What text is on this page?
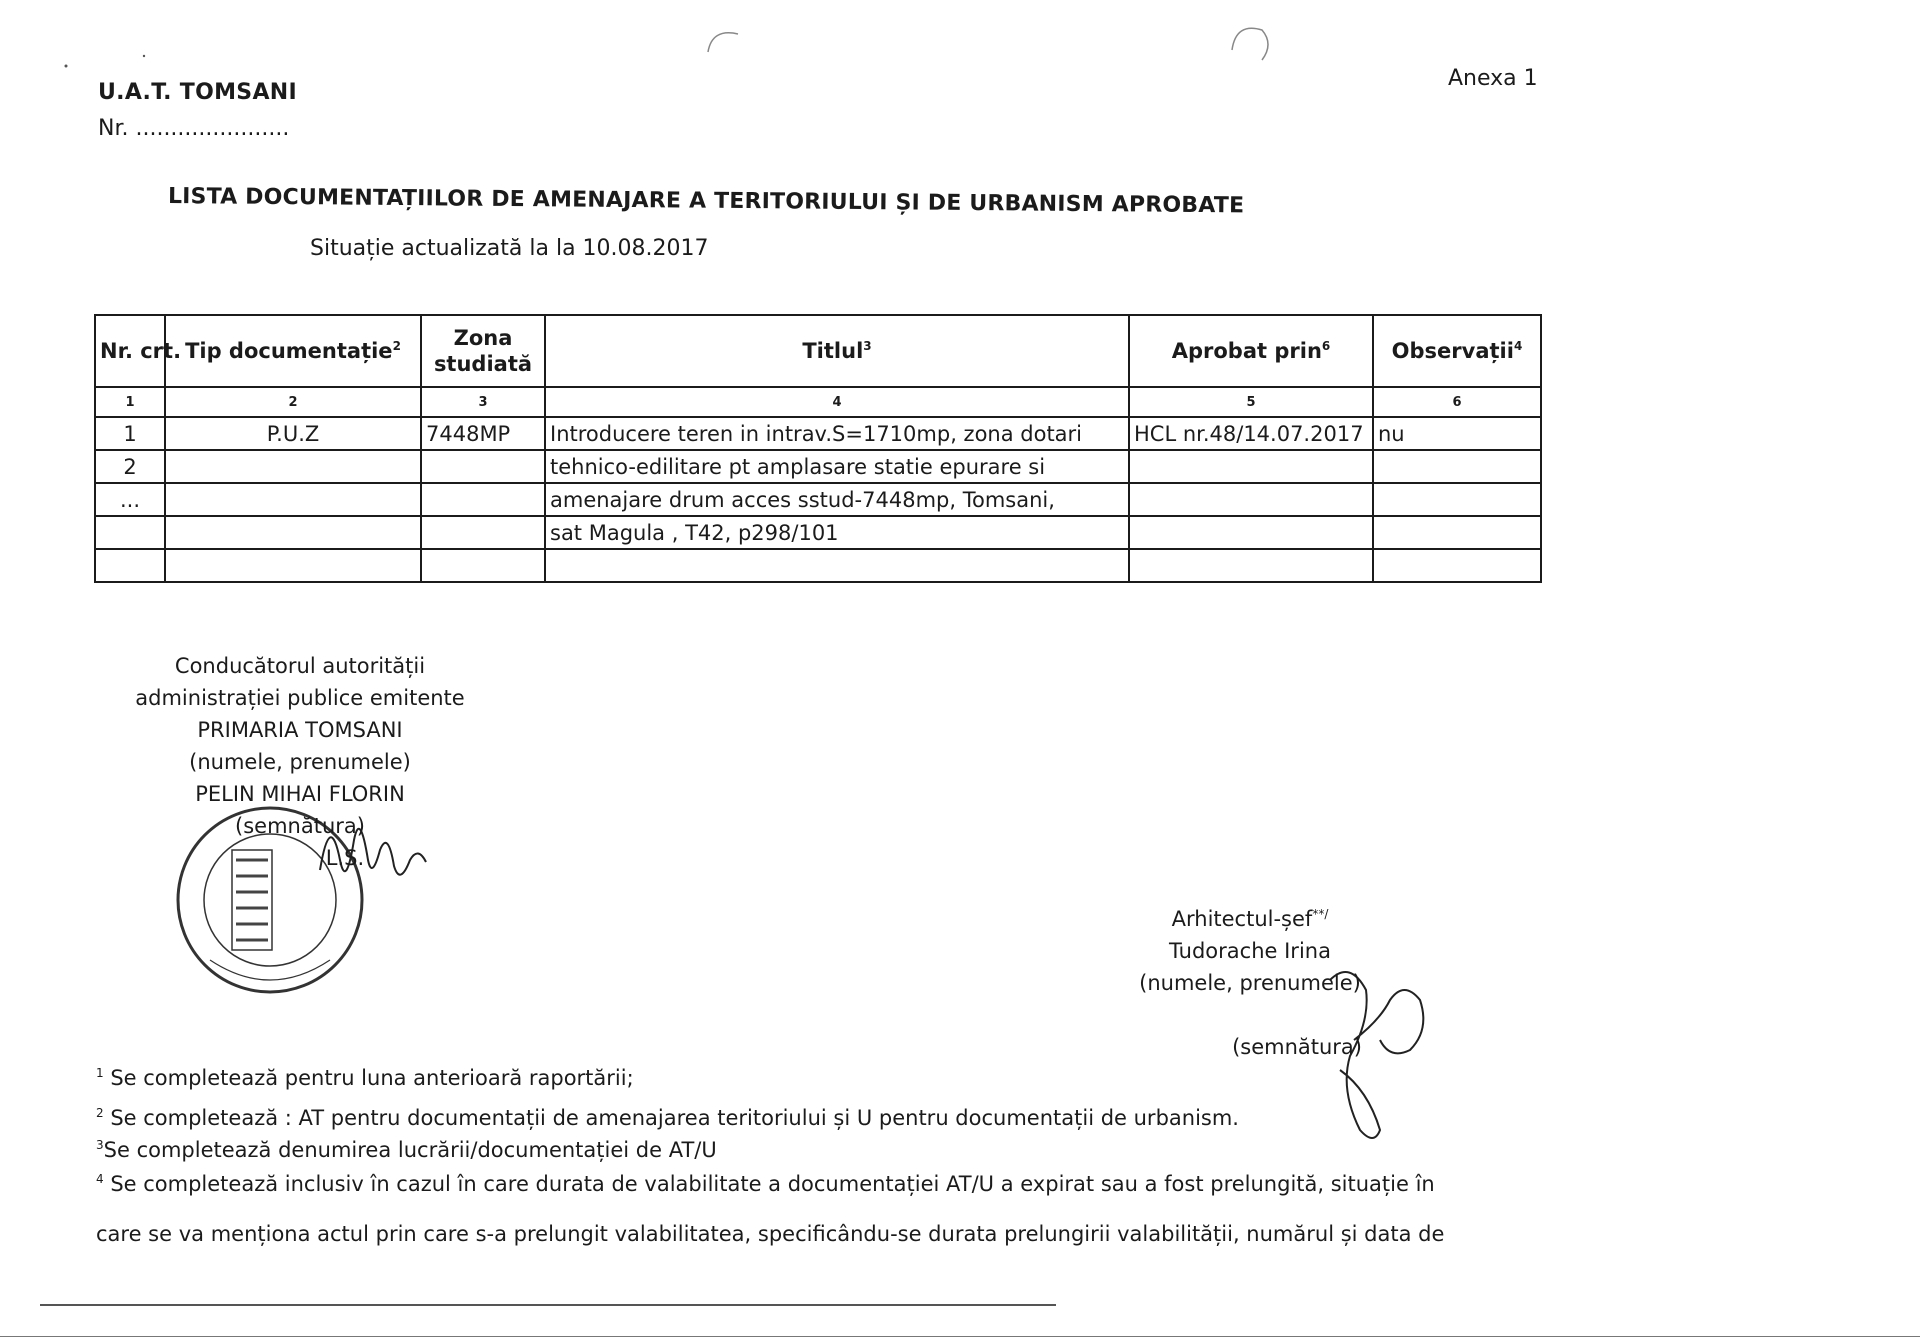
U.A.T. TOMSANI
Nr. ......................
Anexa 1
LISTA DOCUMENTAȚIILOR DE AMENAJARE A TERITORIULUI ȘI DE URBANISM APROBATE
Situație actualizată la la 10.08.2017
Nr. crt.	Tip documentație$^2$	Zona studiată	Titlul$^3$	Aprobat prin$^6$	Observații$^4$
1	2	3	4	5	6
1	P.U.Z	7448MP	Introducere teren in intrav.S=1710mp, zona dotari	HCL nr.48/14.07.2017	nu
2			tehnico-edilitare pt amplasare statie epurare si		
...			amenajare drum acces sstud-7448mp, Tomsani,		
			sat Magula , T42, p298/101		

Conducătorul autorității
administrației publice emitente
PRIMARIA TOMSANI
(numele, prenumele)
PELIN MIHAI FLORIN
(semnătura)
L.S.
Arhitectul-șef**/
Tudorache Irina
(numele, prenumele)
(semnătura)
$^1$ Se completează pentru luna anterioară raportării;
$^2$ Se completează : AT pentru documentații de amenajarea teritoriului și U pentru documentații de urbanism.
$^3$Se completează denumirea lucrării/documentației de AT/U
$^4$ Se completează inclusiv în cazul în care durata de valabilitate a documentației AT/U a expirat sau a fost prelungită, situație în
care se va menționa actul prin care s-a prelungit valabilitatea, specificându-se durata prelungirii valabilității, numărul și data de
